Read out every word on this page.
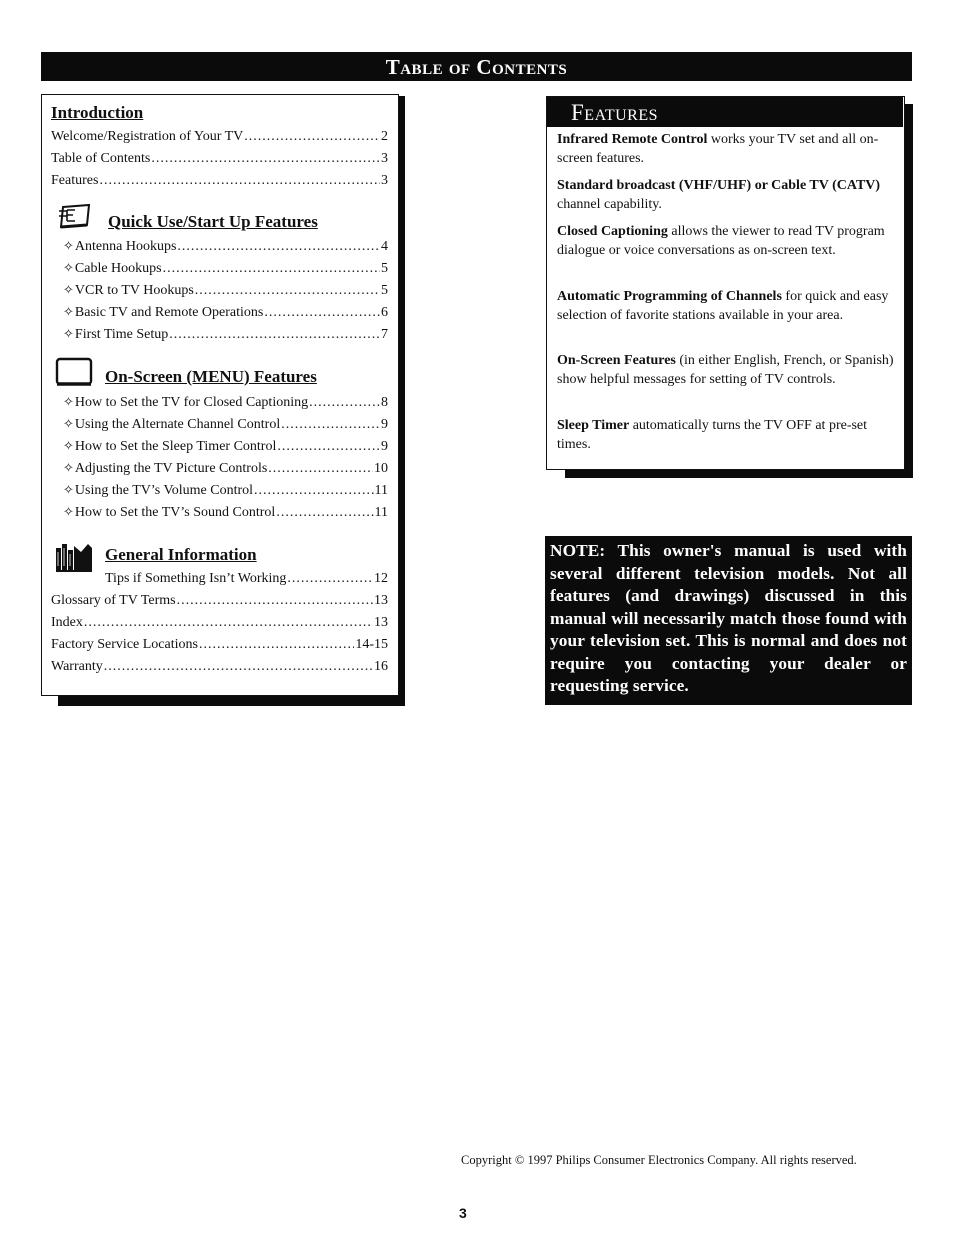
Table of Contents
Introduction
Welcome/Registration of Your TV .....	2
Table of Contents .....	3
Features .....	3
Quick Use/Start Up Features
✧ Antenna Hookups .....	4
✧ Cable Hookups .....	5
✧ VCR to TV Hookups .....	5
✧ Basic TV and Remote Operations .....	6
✧ First Time Setup .....	7
On-Screen (MENU) Features
✧ How to Set the TV for Closed Captioning .....	8
✧ Using the Alternate Channel Control .....	9
✧ How to Set the Sleep Timer Control .....	9
✧ Adjusting the TV Picture Controls .....	10
✧ Using the TV’s Volume Control .....	11
✧ How to Set the TV’s Sound Control .....	11
General Information
Tips if Something Isn’t Working .....	12
Glossary of TV Terms .....	13
Index .....	13
Factory Service Locations .....	14-15
Warranty .....	16
Features

Infrared Remote Control works your TV set and all on-screen features.

Standard broadcast (VHF/UHF) or Cable TV (CATV) channel capability.

Closed Captioning allows the viewer to read TV program dialogue or voice conversations as on-screen text.

Automatic Programming of Channels for quick and easy selection of favorite stations available in your area.

On-Screen Features (in either English, French, or Spanish) show helpful messages for setting of TV controls.

Sleep Timer automatically turns the TV OFF at pre-set times.

NOTE: This owner's manual is used with several different television models. Not all features (and drawings) discussed in this manual will necessarily match those found with your television set. This is normal and does not require you contacting your dealer or requesting service.
Copyright © 1997 Philips Consumer Electronics Company. All rights reserved.
3
